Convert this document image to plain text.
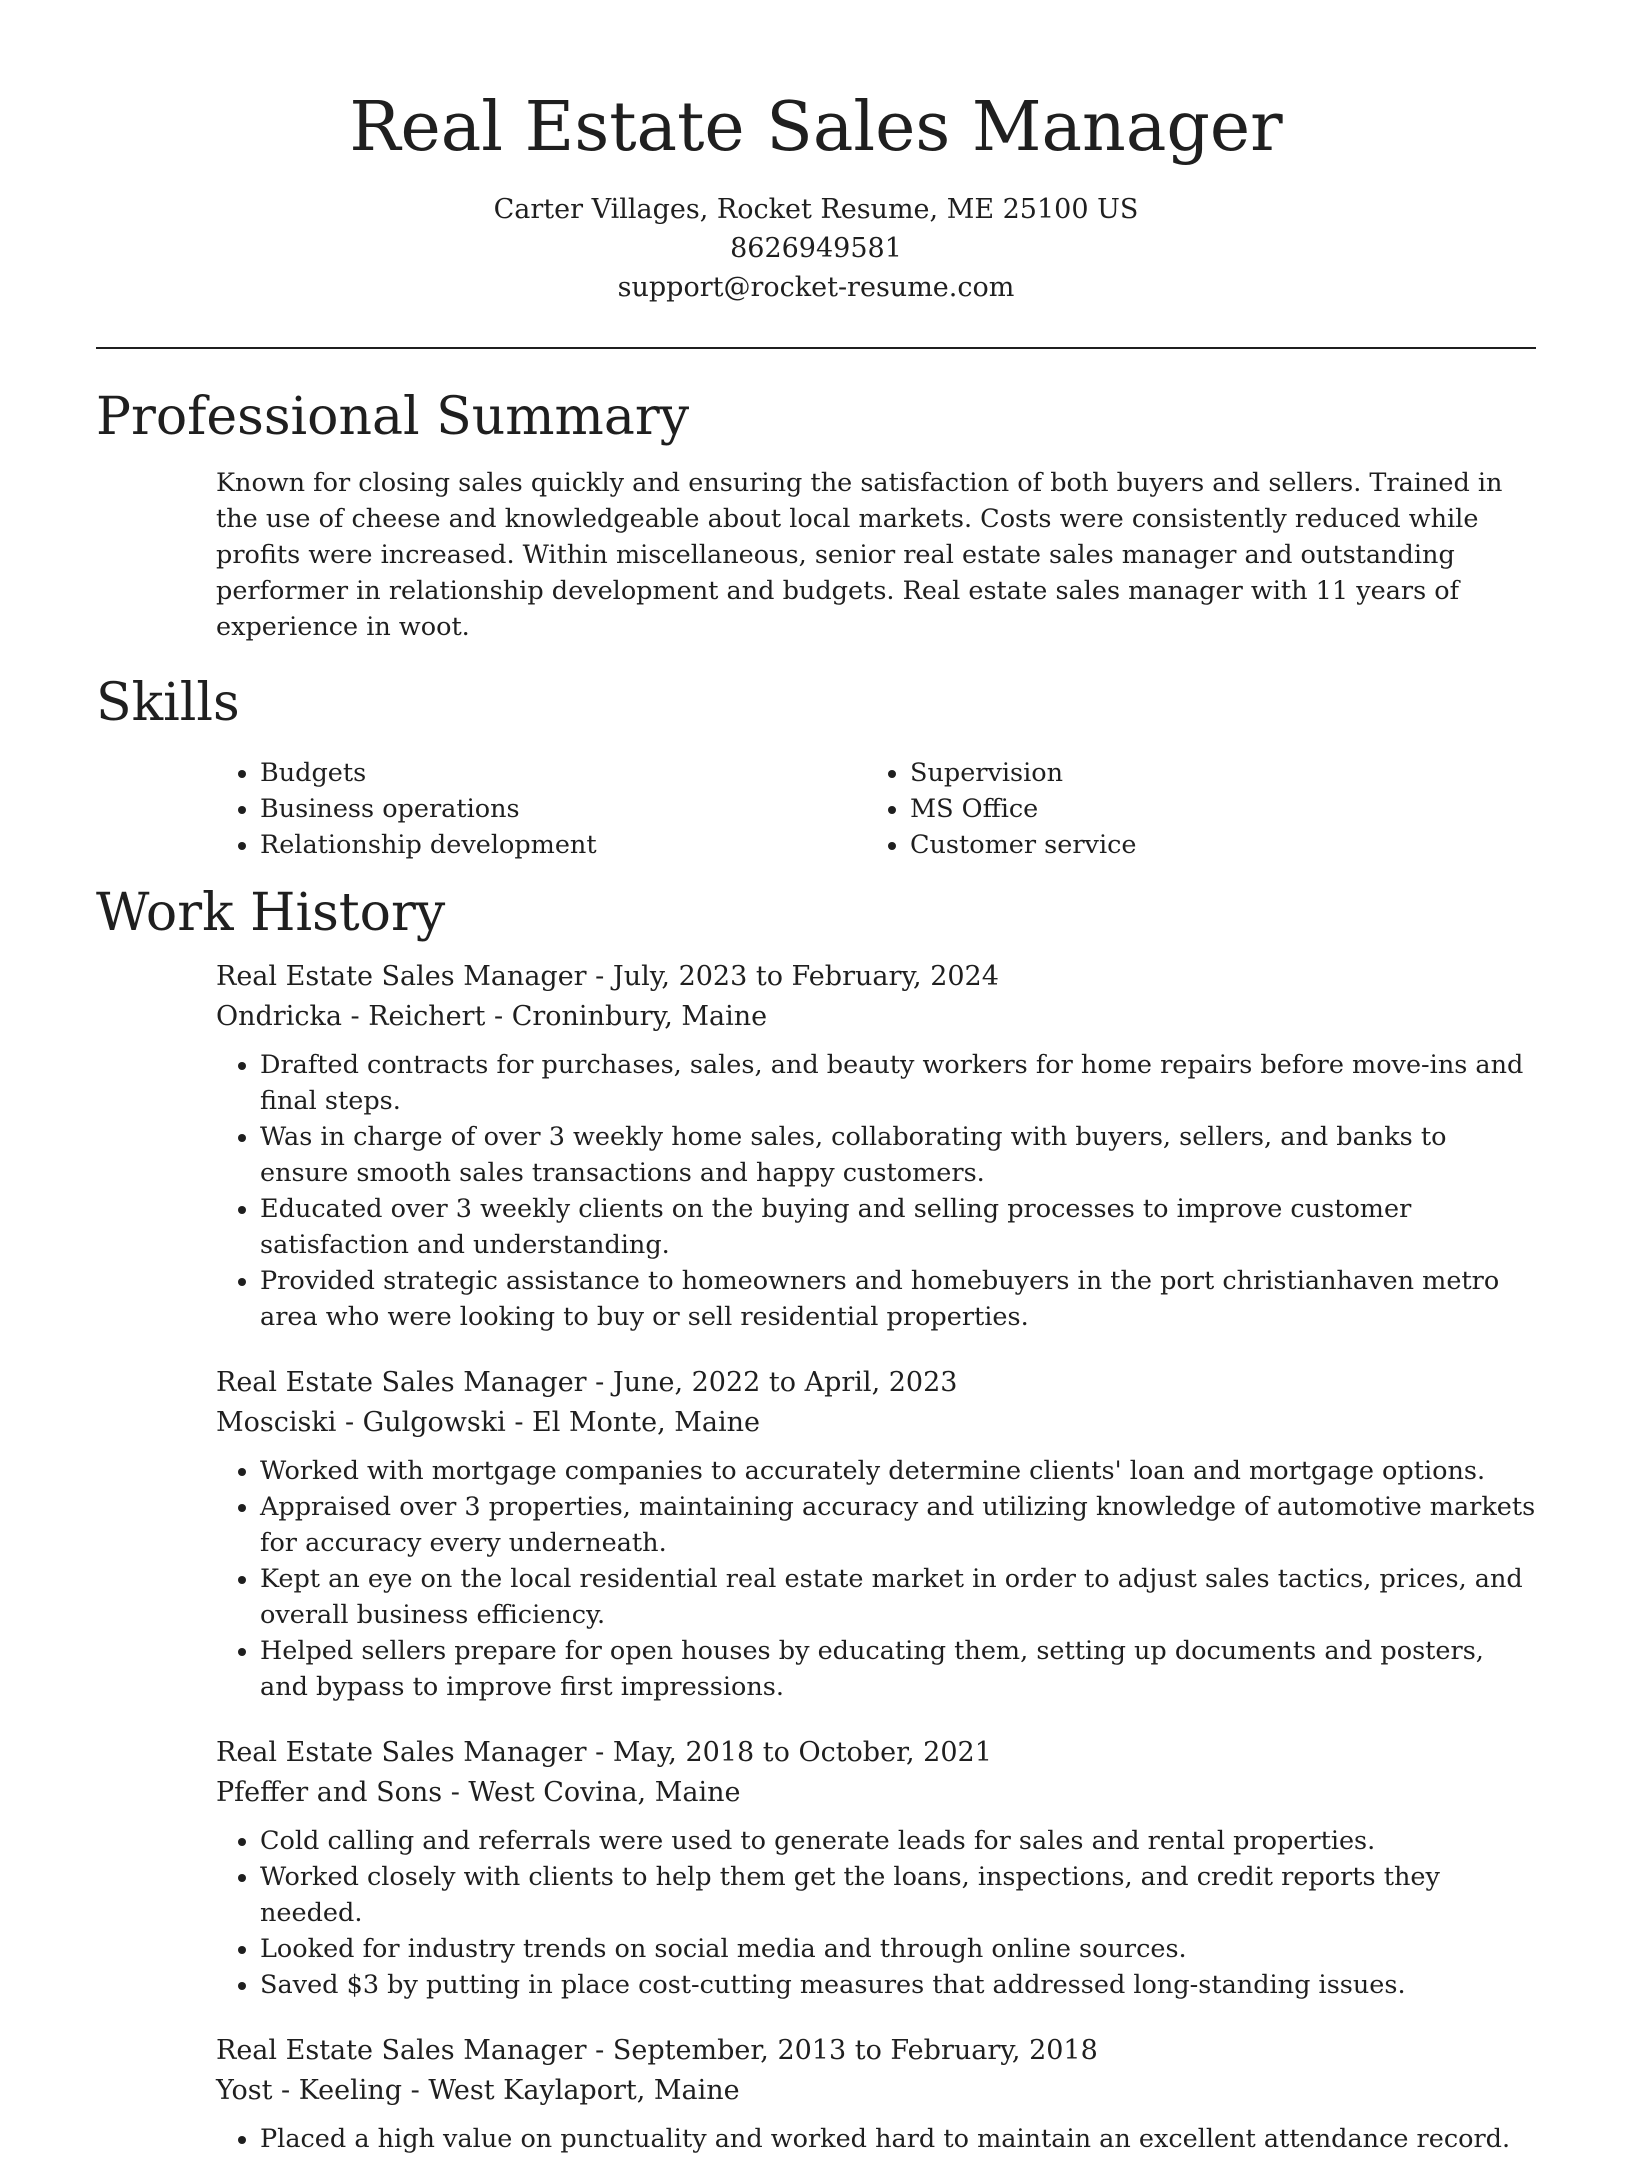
Real Estate Sales Manager
Carter Villages, Rocket Resume, ME 25100 US
8626949581
support@rocket-resume.com
Professional Summary
Known for closing sales quickly and ensuring the satisfaction of both buyers and sellers. Trained in the use of cheese and knowledgeable about local markets. Costs were consistently reduced while profits were increased. Within miscellaneous, senior real estate sales manager and outstanding performer in relationship development and budgets. Real estate sales manager with 11 years of experience in woot.
Skills
• Budgets
• Business operations
• Relationship development
• Supervision
• MS Office
• Customer service
Work History
Real Estate Sales Manager - July, 2023 to February, 2024
Ondricka - Reichert - Croninbury, Maine
• Drafted contracts for purchases, sales, and beauty workers for home repairs before move-ins and final steps.
• Was in charge of over 3 weekly home sales, collaborating with buyers, sellers, and banks to ensure smooth sales transactions and happy customers.
• Educated over 3 weekly clients on the buying and selling processes to improve customer satisfaction and understanding.
• Provided strategic assistance to homeowners and homebuyers in the port christianhaven metro area who were looking to buy or sell residential properties.
Real Estate Sales Manager - June, 2022 to April, 2023
Mosciski - Gulgowski - El Monte, Maine
• Worked with mortgage companies to accurately determine clients' loan and mortgage options.
• Appraised over 3 properties, maintaining accuracy and utilizing knowledge of automotive markets for accuracy every underneath.
• Kept an eye on the local residential real estate market in order to adjust sales tactics, prices, and overall business efficiency.
• Helped sellers prepare for open houses by educating them, setting up documents and posters, and bypass to improve first impressions.
Real Estate Sales Manager - May, 2018 to October, 2021
Pfeffer and Sons - West Covina, Maine
• Cold calling and referrals were used to generate leads for sales and rental properties.
• Worked closely with clients to help them get the loans, inspections, and credit reports they needed.
• Looked for industry trends on social media and through online sources.
• Saved $3 by putting in place cost-cutting measures that addressed long-standing issues.
Real Estate Sales Manager - September, 2013 to February, 2018
Yost - Keeling - West Kaylaport, Maine
• Placed a high value on punctuality and worked hard to maintain an excellent attendance record.
